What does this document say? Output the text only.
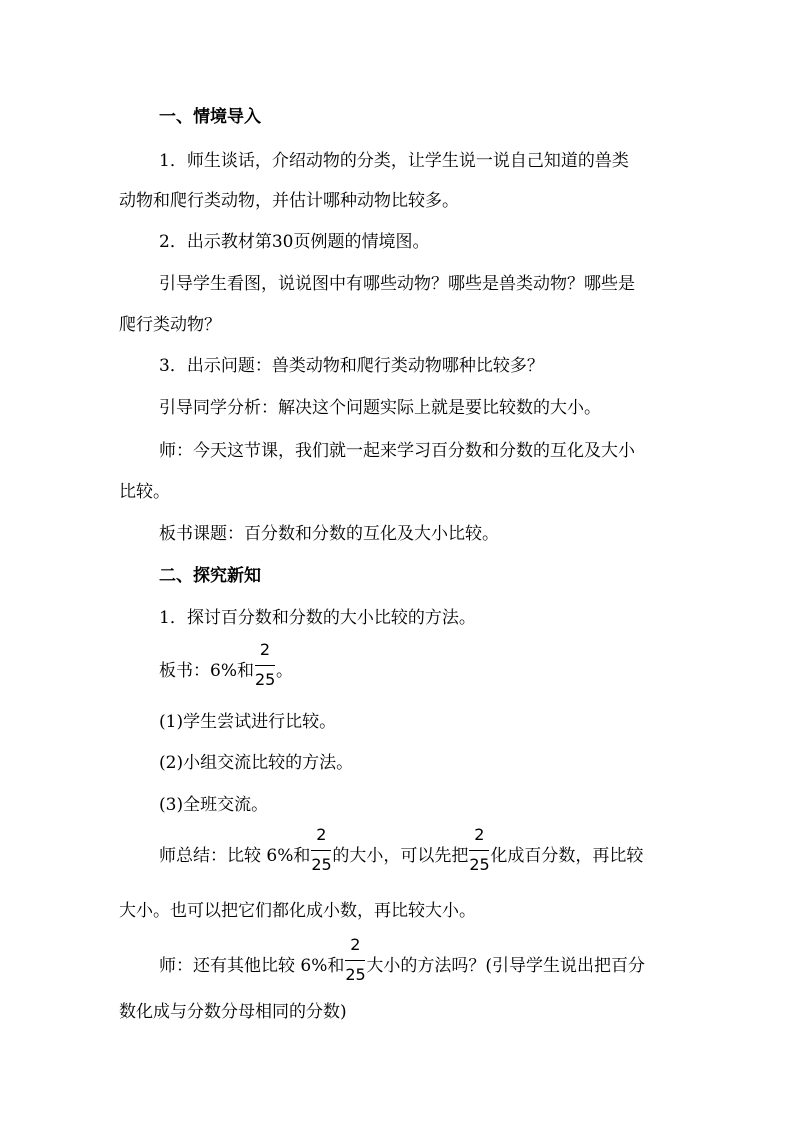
一、情境导入
1．师生谈话，介绍动物的分类，让学生说一说自己知道的兽类
动物和爬行类动物，并估计哪种动物比较多。
2．出示教材第30页例题的情境图。
引导学生看图，说说图中有哪些动物？哪些是兽类动物？哪些是
爬行类动物？
3．出示问题：兽类动物和爬行类动物哪种比较多？
引导同学分析：解决这个问题实际上就是要比较数的大小。
师：今天这节课，我们就一起来学习百分数和分数的互化及大小
比较。
板书课题：百分数和分数的互化及大小比较。
二、探究新知
1．探讨百分数和分数的大小比较的方法。
板书：6%和 $\frac{2}{25}$ 。
(1)学生尝试进行比较。
(2)小组交流比较的方法。
(3)全班交流。
师总结：比较 6%和 $\frac{2}{25}$ 的大小，可以先把 $\frac{2}{25}$ 化成百分数，再比较
大小。也可以把它们都化成小数，再比较大小。
师：还有其他比较 6%和 $\frac{2}{25}$ 大小的方法吗？(引导学生说出把百分
数化成与分数分母相同的分数)
